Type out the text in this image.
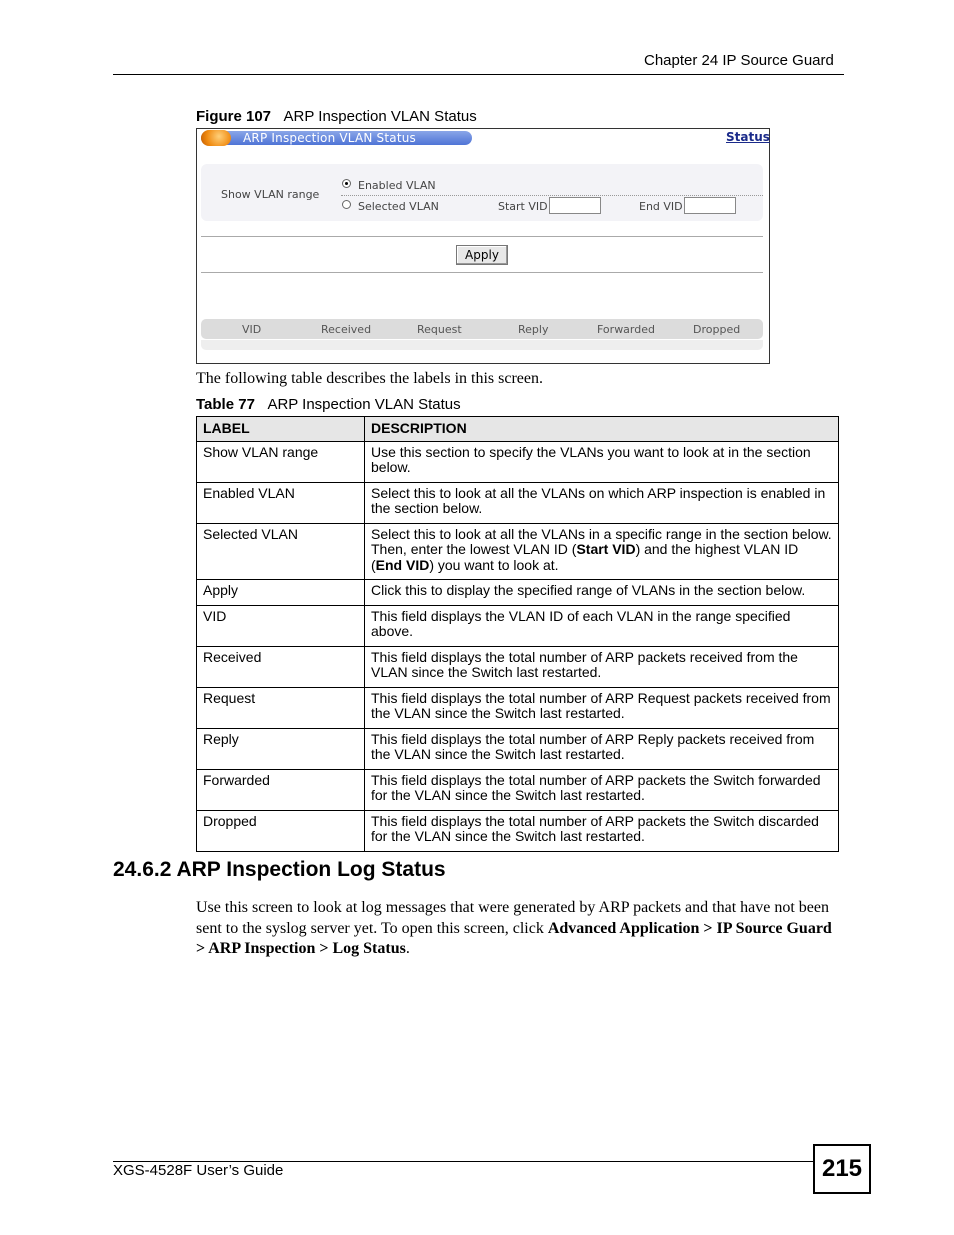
Chapter 24 IP Source Guard
Figure 107 ARP Inspection VLAN Status
ARP Inspection VLAN Status	Status
Show VLAN range
Enabled VLAN
Selected VLAN	Start VID	End VID
Apply
VID	Received	Request	Reply	Forwarded	Dropped
The following table describes the labels in this screen.
Table 77 ARP Inspection VLAN Status
LABEL	DESCRIPTION
Show VLAN range	Use this section to specify the VLANs you want to look at in the section below.
Enabled VLAN	Select this to look at all the VLANs on which ARP inspection is enabled in the section below.
Selected VLAN	Select this to look at all the VLANs in a specific range in the section below. Then, enter the lowest VLAN ID (Start VID) and the highest VLAN ID (End VID) you want to look at.
Apply	Click this to display the specified range of VLANs in the section below.
VID	This field displays the VLAN ID of each VLAN in the range specified above.
Received	This field displays the total number of ARP packets received from the VLAN since the Switch last restarted.
Request	This field displays the total number of ARP Request packets received from the VLAN since the Switch last restarted.
Reply	This field displays the total number of ARP Reply packets received from the VLAN since the Switch last restarted.
Forwarded	This field displays the total number of ARP packets the Switch forwarded for the VLAN since the Switch last restarted.
Dropped	This field displays the total number of ARP packets the Switch discarded for the VLAN since the Switch last restarted.
24.6.2 ARP Inspection Log Status
Use this screen to look at log messages that were generated by ARP packets and that have not been sent to the syslog server yet. To open this screen, click Advanced Application > IP Source Guard > ARP Inspection > Log Status.
XGS-4528F User’s Guide	215
